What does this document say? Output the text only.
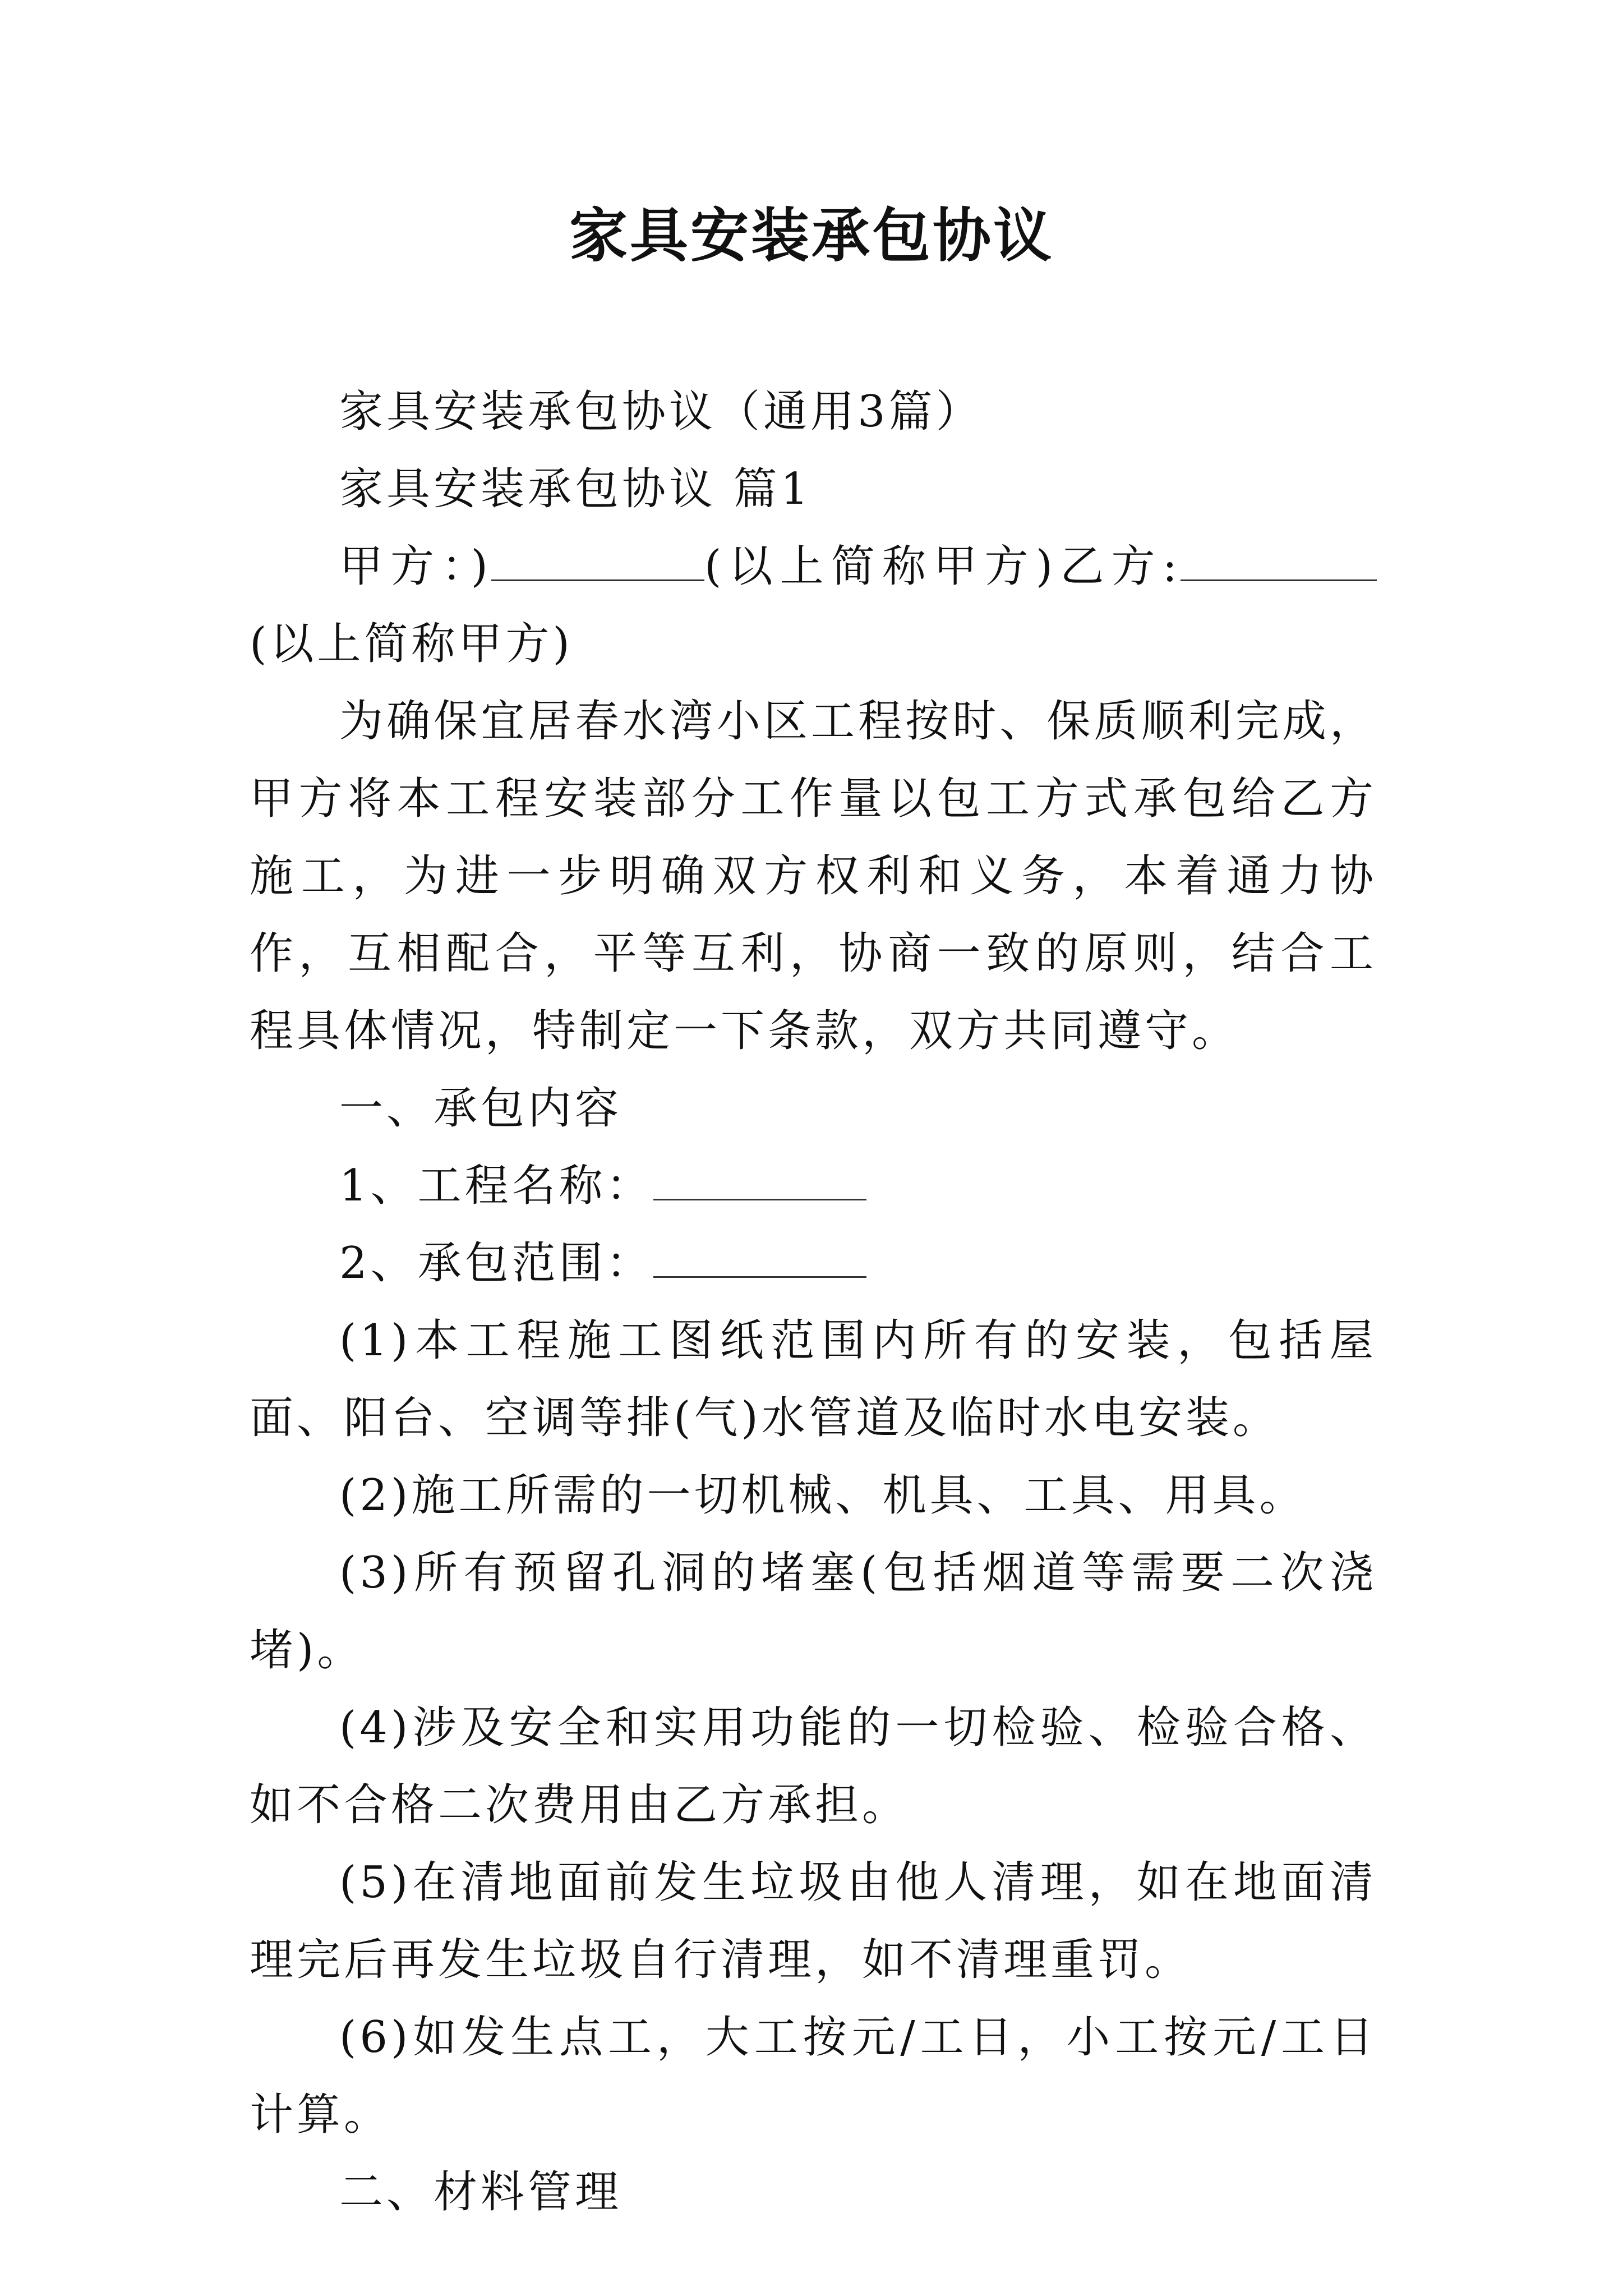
家具安装承包协议

家具安装承包协议（通用3篇）

家具安装承包协议 篇1

甲方：)	(以上简称甲方)乙方:(以上简称甲方)

为确保宜居春水湾小区工程按时、保质顺利完成，甲方将本工程安装部分工作量以包工方式承包给乙方施工，为进一步明确双方权利和义务，本着通力协作，互相配合，平等互利，协商一致的原则，结合工程具体情况，特制定一下条款，双方共同遵守。

一、承包内容

1、工程名称：

2、承包范围：

(1)本工程施工图纸范围内所有的安装，包括屋面、阳台、空调等排(气)水管道及临时水电安装。

(2)施工所需的一切机械、机具、工具、用具。

(3)所有预留孔洞的堵塞(包括烟道等需要二次浇堵)。

(4)涉及安全和实用功能的一切检验、检验合格、如不合格二次费用由乙方承担。

(5)在清地面前发生垃圾由他人清理，如在地面清理完后再发生垃圾自行清理，如不清理重罚。

(6)如发生点工，大工按元/工日，小工按元/工日计算。

二、材料管理
